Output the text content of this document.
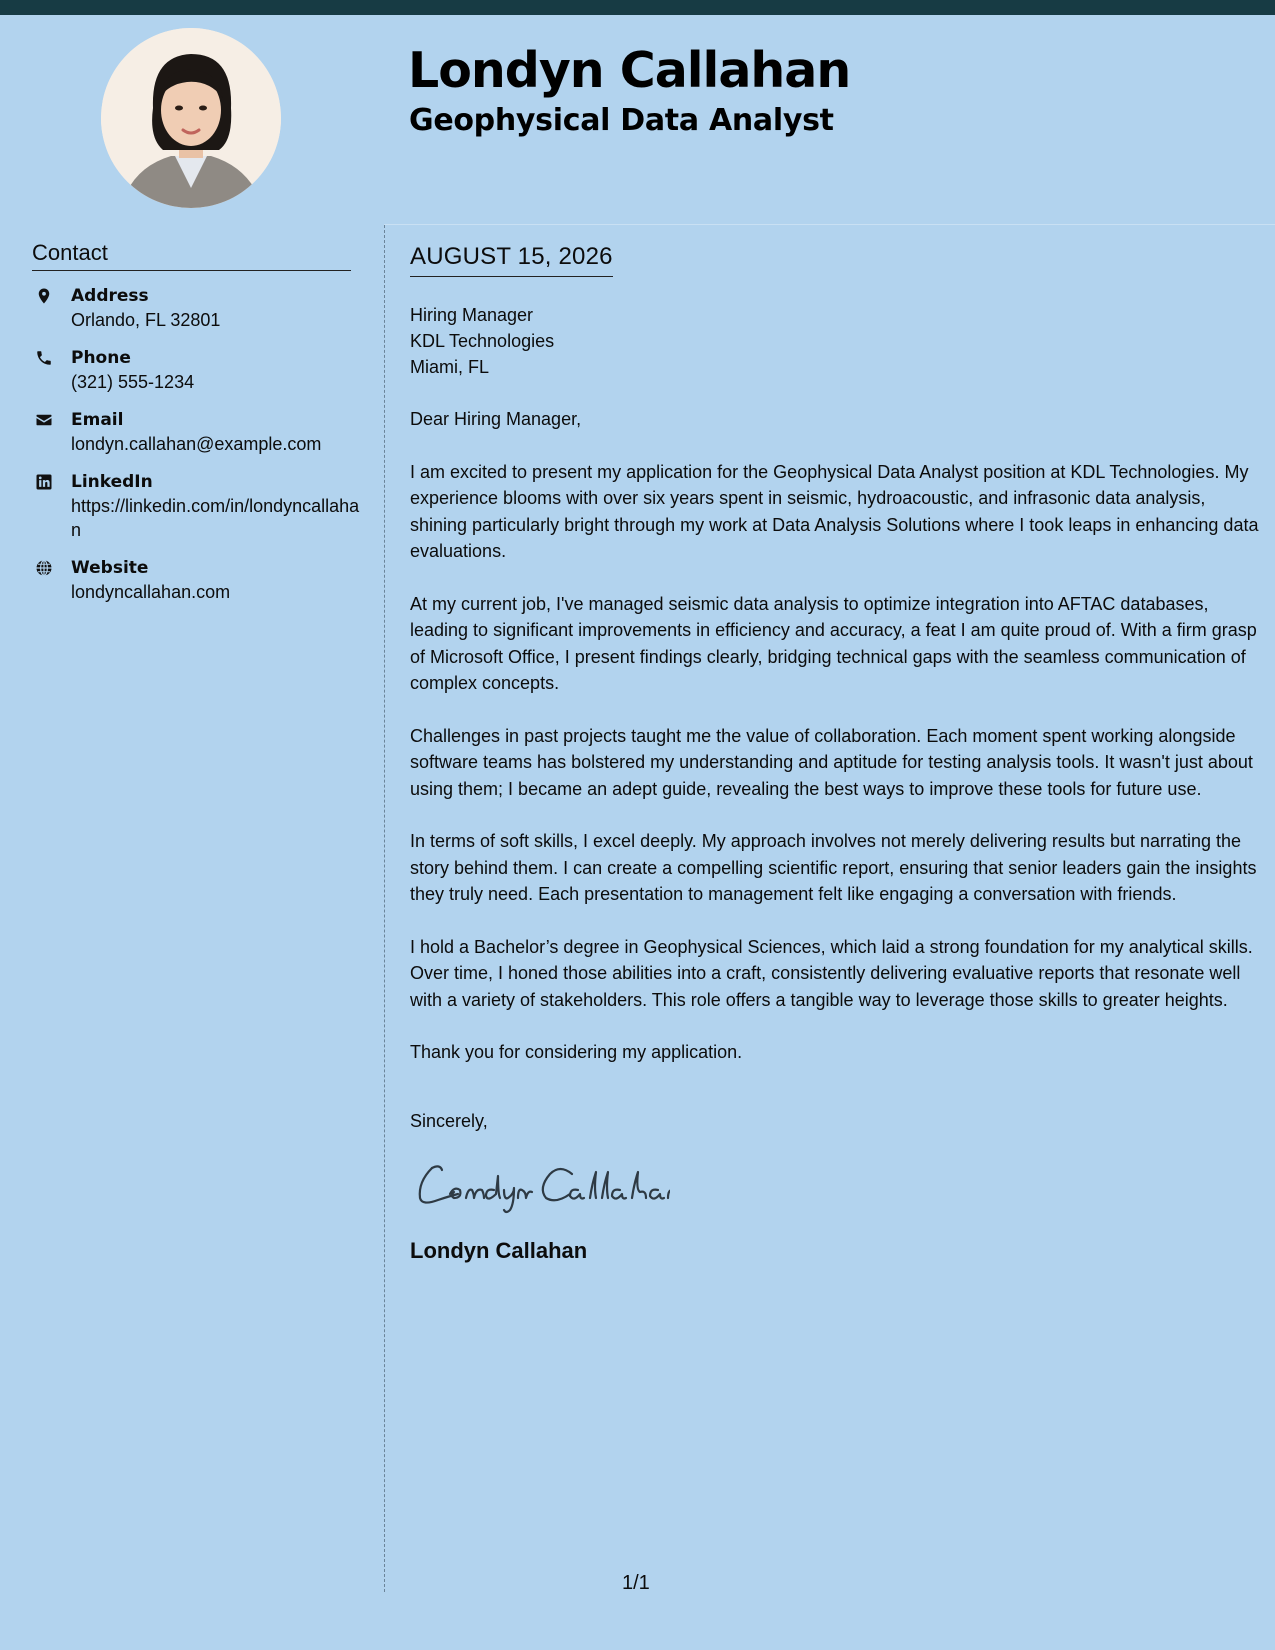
Londyn Callahan
Geophysical Data Analyst
Contact
Address
Orlando, FL 32801
Phone
(321) 555-1234
Email
londyn.callahan@example.com
LinkedIn
https://linkedin.com/in/londyncallahan
Website
londyncallahan.com
AUGUST 15, 2026
Hiring Manager
KDL Technologies
Miami, FL

Dear Hiring Manager,

I am excited to present my application for the Geophysical Data Analyst position at KDL Technologies. My experience blooms with over six years spent in seismic, hydroacoustic, and infrasonic data analysis, shining particularly bright through my work at Data Analysis Solutions where I took leaps in enhancing data evaluations.

At my current job, I've managed seismic data analysis to optimize integration into AFTAC databases, leading to significant improvements in efficiency and accuracy, a feat I am quite proud of. With a firm grasp of Microsoft Office, I present findings clearly, bridging technical gaps with the seamless communication of complex concepts.

Challenges in past projects taught me the value of collaboration. Each moment spent working alongside software teams has bolstered my understanding and aptitude for testing analysis tools. It wasn't just about using them; I became an adept guide, revealing the best ways to improve these tools for future use.

In terms of soft skills, I excel deeply. My approach involves not merely delivering results but narrating the story behind them. I can create a compelling scientific report, ensuring that senior leaders gain the insights they truly need. Each presentation to management felt like engaging a conversation with friends.

I hold a Bachelor’s degree in Geophysical Sciences, which laid a strong foundation for my analytical skills. Over time, I honed those abilities into a craft, consistently delivering evaluative reports that resonate well with a variety of stakeholders. This role offers a tangible way to leverage those skills to greater heights.

Thank you for considering my application.

Sincerely,

Londyn Callahan
1/1
